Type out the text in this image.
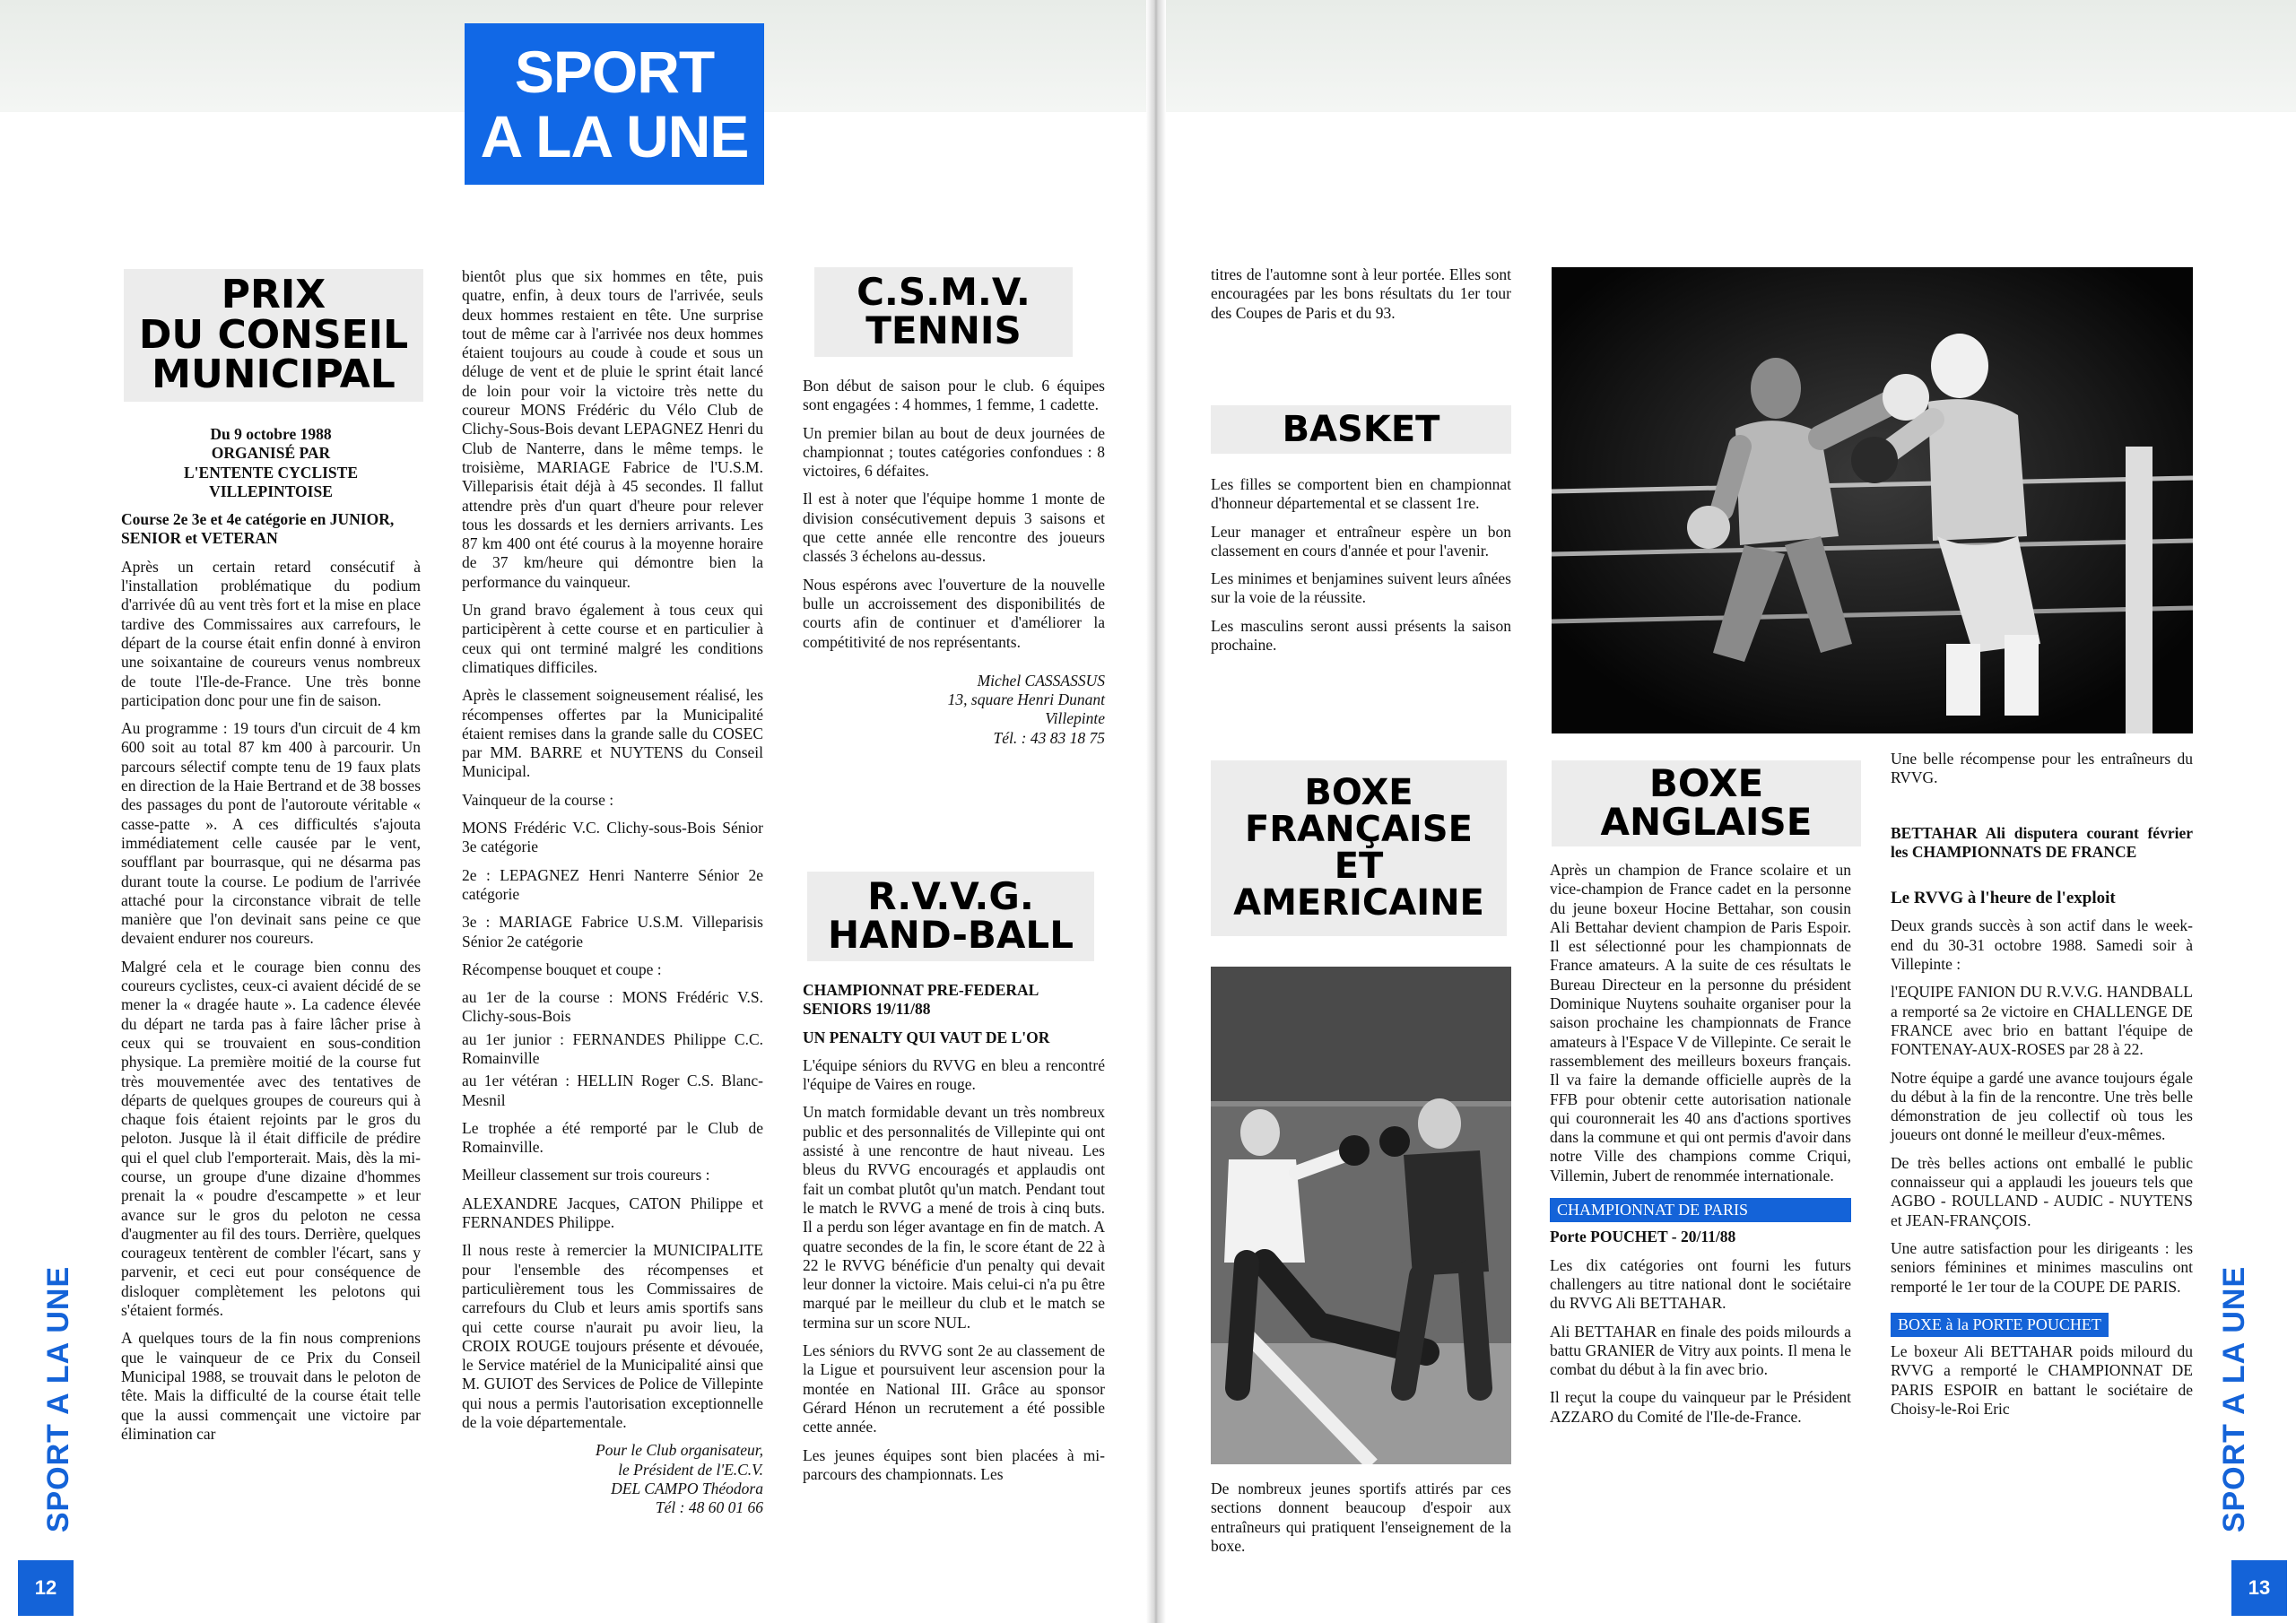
SPORT
A LA UNE
SPORT A LA UNE	SPORT A LA UNE
12	13
PRIX
DU CONSEIL
MUNICIPAL
Du 9 octobre 1988
ORGANISÉ PAR
L'ENTENTE CYCLISTE VILLEPINTOISE

Course 2e 3e et 4e catégorie en JUNIOR, SENIOR et VETERAN

Après un certain retard consécutif à l'installation problématique du podium d'arrivée dû au vent très fort et la mise en place tardive des Commissaires aux carrefours, le départ de la course était enfin donné à environ une soixantaine de coureurs venus nombreux de toute l'Ile-de-France. Une très bonne participation donc pour une fin de saison.

Au programme : 19 tours d'un circuit de 4 km 600 soit au total 87 km 400 à parcourir. Un parcours sélectif compte tenu de 19 faux plats en direction de la Haie Bertrand et de 38 bosses des passages du pont de l'autoroute véritable « casse-patte ». A ces difficultés s'ajouta immédiatement celle causée par le vent, soufflant par bourrasque, qui ne désarma pas durant toute la course. Le podium de l'arrivée attaché pour la circonstance vibrait de telle manière que l'on devinait sans peine ce que devaient endurer nos coureurs.

Malgré cela et le courage bien connu des coureurs cyclistes, ceux-ci avaient décidé de se mener la « dragée haute ». La cadence élevée du départ ne tarda pas à faire lâcher prise à ceux qui se trouvaient en sous-condition physique. La première moitié de la course fut très mouvementée avec des tentatives de départs de quelques groupes de coureurs qui à chaque fois étaient rejoints par le gros du peloton. Jusque là il était difficile de prédire qui el quel club l'emporterait. Mais, dès la mi-course, un groupe d'une dizaine d'hommes prenait la « poudre d'escampette » et leur avance sur le gros du peloton ne cessa d'augmenter au fil des tours. Derrière, quelques courageux tentèrent de combler l'écart, sans y parvenir, et ceci eut pour conséquence de disloquer complètement les pelotons qui s'étaient formés.

A quelques tours de la fin nous comprenions que le vainqueur de ce Prix du Conseil Municipal 1988, se trouvait dans le peloton de tête. Mais la difficulté de la course était telle que la aussi commençait une victoire par élimination car

bientôt plus que six hommes en tête, puis quatre, enfin, à deux tours de l'arrivée, seuls deux hommes restaient en tête. Une surprise tout de même car à l'arrivée nos deux hommes étaient toujours au coude à coude et sous un déluge de vent et de pluie le sprint était lancé de loin pour voir la victoire très nette du coureur MONS Frédéric du Vélo Club de Clichy-Sous-Bois devant LEPAGNEZ Henri du Club de Nanterre, dans le même temps. le troisième, MARIAGE Fabrice de l'U.S.M. Villeparisis était déjà à 45 secondes. Il fallut attendre près d'un quart d'heure pour relever tous les dossards et les derniers arrivants. Les 87 km 400 ont été courus à la moyenne horaire de 37 km/heure qui démontre bien la performance du vainqueur.

Un grand bravo également à tous ceux qui participèrent à cette course et en particulier à ceux qui ont terminé malgré les conditions climatiques difficiles.

Après le classement soigneusement réalisé, les récompenses offertes par la Municipalité étaient remises dans la grande salle du COSEC par MM. BARRE et NUYTENS du Conseil Municipal.

Vainqueur de la course :

MONS Frédéric V.C. Clichy-sous-Bois Sénior 3e catégorie

2e : LEPAGNEZ Henri Nanterre Sénior 2e catégorie

3e : MARIAGE Fabrice U.S.M. Villeparisis Sénior 2e catégorie

Récompense bouquet et coupe :

au 1er de la course : MONS Frédéric V.S. Clichy-sous-Bois

au 1er junior : FERNANDES Philippe C.C. Romainville

au 1er vétéran : HELLIN Roger C.S. Blanc-Mesnil

Le trophée a été remporté par le Club de Romainville.

Meilleur classement sur trois coureurs :

ALEXANDRE Jacques, CATON Philippe et FERNANDES Philippe.

Il nous reste à remercier la MUNICIPALITE pour l'ensemble des récompenses et particulièrement tous les Commissaires de carrefours du Club et leurs amis sportifs sans qui cette course n'aurait pu avoir lieu, la CROIX ROUGE toujours présente et dévouée, le Service matériel de la Municipalité ainsi que M. GUIOT des Services de Police de Villepinte qui nous a permis l'autorisation exceptionnelle de la voie départementale.

Pour le Club organisateur,
le Président de l'E.C.V.
DEL CAMPO Théodora
Tél : 48 60 01 66
C.S.M.V.
TENNIS

Bon début de saison pour le club. 6 équipes sont engagées : 4 hommes, 1 femme, 1 cadette.

Un premier bilan au bout de deux journées de championnat ; toutes catégories confondues : 8 victoires, 6 défaites.

Il est à noter que l'équipe homme 1 monte de division consécutivement depuis 3 saisons et que cette année elle rencontre des joueurs classés 3 échelons au-dessus.

Nous espérons avec l'ouverture de la nouvelle bulle un accroissement des disponibilités de courts afin de continuer et d'améliorer la compétitivité de nos représentants.

Michel CASSASSUS
13, square Henri Dunant
Villepinte
Tél. : 43 83 18 75
R.V.V.G.
HAND-BALL

CHAMPIONNAT PRE-FEDERAL SENIORS 19/11/88

UN PENALTY QUI VAUT DE L'OR

L'équipe séniors du RVVG en bleu a rencontré l'équipe de Vaires en rouge.

Un match formidable devant un très nombreux public et des personnalités de Villepinte qui ont assisté à une rencontre de haut niveau. Les bleus du RVVG encouragés et applaudis ont fait un combat plutôt qu'un match. Pendant tout le match le RVVG a mené de trois à cinq buts. Il a perdu son léger avantage en fin de match. A quatre secondes de la fin, le score étant de 22 à 22 le RVVG bénéficie d'un penalty qui devait leur donner la victoire. Mais celui-ci n'a pu être marqué par le meilleur du club et le match se termina sur un score NUL.

Les séniors du RVVG sont 2e au classement de la Ligue et poursuivent leur ascension pour la montée en National III. Grâce au sponsor Gérard Hénon un recrutement a été possible cette année.

Les jeunes équipes sont bien placées à mi-parcours des championnats. Les

titres de l'automne sont à leur portée. Elles sont encouragées par les bons résultats du 1er tour des Coupes de Paris et du 93.

BASKET

Les filles se comportent bien en championnat d'honneur départemental et se classent 1re.

Leur manager et entraîneur espère un bon classement en cours d'année et pour l'avenir.

Les minimes et benjamines suivent leurs aînées sur la voie de la réussite.

Les masculins seront aussi présents la saison prochaine.

BOXE
FRANÇAISE
ET
AMERICAINE
De nombreux jeunes sportifs attirés par ces sections donnent beaucoup d'espoir aux entraîneurs qui pratiquent l'enseignement de la boxe.
BOXE
ANGLAISE

Après un champion de France scolaire et un vice-champion de France cadet en la personne du jeune boxeur Hocine Bettahar, son cousin Ali Bettahar devient champion de Paris Espoir. Il est sélectionné pour les championnats de France amateurs. A la suite de ces résultats le Bureau Directeur en la personne du président Dominique Nuytens souhaite organiser pour la saison prochaine les championnats de France amateurs à l'Espace V de Villepinte. Ce serait le rassemblement des meilleurs boxeurs français. Il va faire la demande officielle auprès de la FFB pour obtenir cette autorisation nationale qui couronnerait les 40 ans d'actions sportives dans la commune et qui ont permis d'avoir dans notre Ville des champions comme Criqui, Villemin, Jubert de renommée internationale.

CHAMPIONNAT DE PARIS

Porte POUCHET - 20/11/88

Les dix catégories ont fourni les futurs challengers au titre national dont le sociétaire du RVVG Ali BETTAHAR.

Ali BETTAHAR en finale des poids milourds a battu GRANIER de Vitry aux points. Il mena le combat du début à la fin avec brio.

Il reçut la coupe du vainqueur par le Président AZZARO du Comité de l'Ile-de-France.

Une belle récompense pour les entraîneurs du RVVG.

BETTAHAR Ali disputera courant février les CHAMPIONNATS DE FRANCE

Le RVVG à l'heure de l'exploit

Deux grands succès à son actif dans le week-end du 30-31 octobre 1988. Samedi soir à Villepinte :

l'EQUIPE FANION DU R.V.V.G. HANDBALL a remporté sa 2e victoire en CHALLENGE DE FRANCE avec brio en battant l'équipe de FONTENAY-AUX-ROSES par 28 à 22.

Notre équipe a gardé une avance toujours égale du début à la fin de la rencontre. Une très belle démonstration de jeu collectif où tous les joueurs ont donné le meilleur d'eux-mêmes.

De très belles actions ont emballé le public connaisseur qui a applaudi les joueurs tels que AGBO - ROULLAND - AUDIC - NUYTENS et JEAN-FRANÇOIS.

Une autre satisfaction pour les dirigeants : les seniors féminines et minimes masculins ont remporté le 1er tour de la COUPE DE PARIS.

BOXE à la PORTE POUCHET

Le boxeur Ali BETTAHAR poids milourd du RVVG a remporté le CHAMPIONNAT DE PARIS ESPOIR en battant le sociétaire de Choisy-le-Roi Eric
